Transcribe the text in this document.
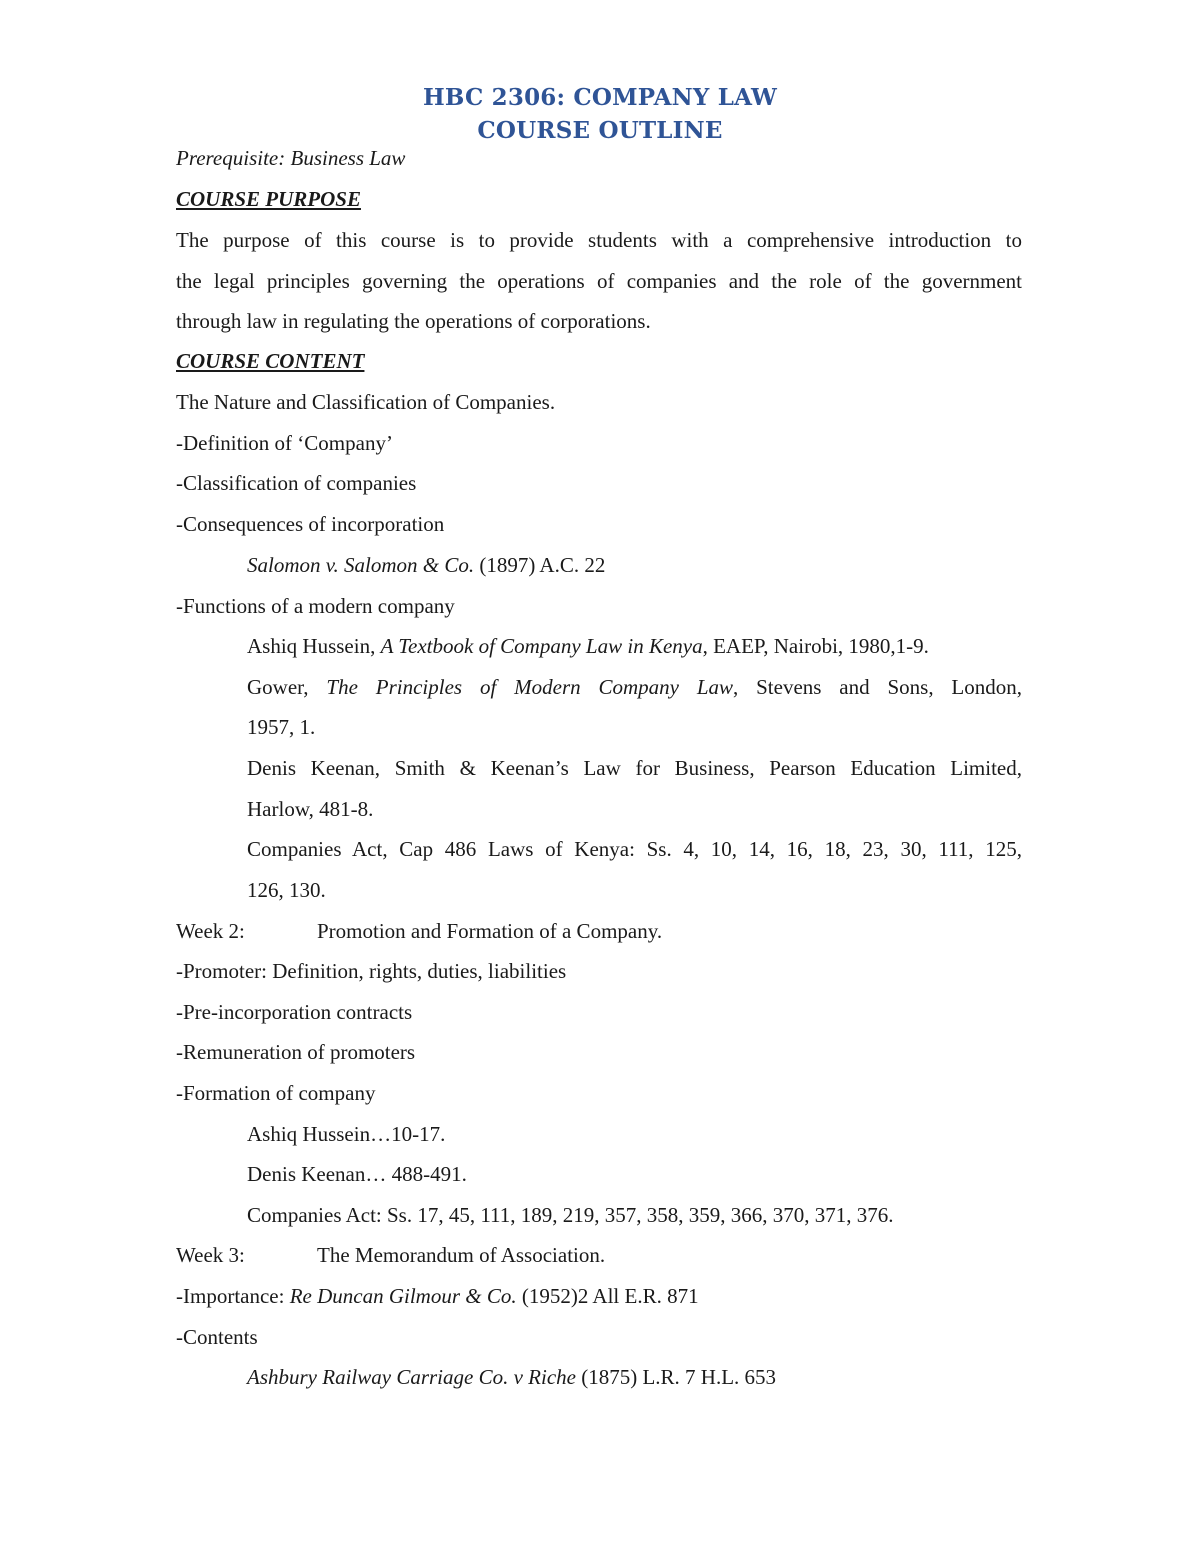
HBC 2306: COMPANY LAW
COURSE OUTLINE
Prerequisite: Business Law
COURSE PURPOSE
The purpose of this course is to provide students with a comprehensive introduction to
the legal principles governing the operations of companies and the role of the government
through law in regulating the operations of corporations.
COURSE CONTENT
The Nature and Classification of Companies.
-Definition of ‘Company’
-Classification of companies
-Consequences of incorporation
Salomon v. Salomon & Co. (1897) A.C. 22
-Functions of a modern company
Ashiq Hussein, A Textbook of Company Law in Kenya, EAEP, Nairobi, 1980,1-9.
Gower, The Principles of Modern Company Law, Stevens and Sons, London,
1957, 1.
Denis Keenan, Smith & Keenan’s Law for Business, Pearson Education Limited,
Harlow, 481-8.
Companies Act, Cap 486 Laws of Kenya: Ss. 4, 10, 14, 16, 18, 23, 30, 111, 125,
126, 130.
Week 2:	Promotion and Formation of a Company.
-Promoter: Definition, rights, duties, liabilities
-Pre-incorporation contracts
-Remuneration of promoters
-Formation of company
Ashiq Hussein…10-17.
Denis Keenan… 488-491.
Companies Act: Ss. 17, 45, 111, 189, 219, 357, 358, 359, 366, 370, 371, 376.
Week 3:	The Memorandum of Association.
-Importance: Re Duncan Gilmour & Co. (1952)2 All E.R. 871
-Contents
Ashbury Railway Carriage Co. v Riche (1875) L.R. 7 H.L. 653
